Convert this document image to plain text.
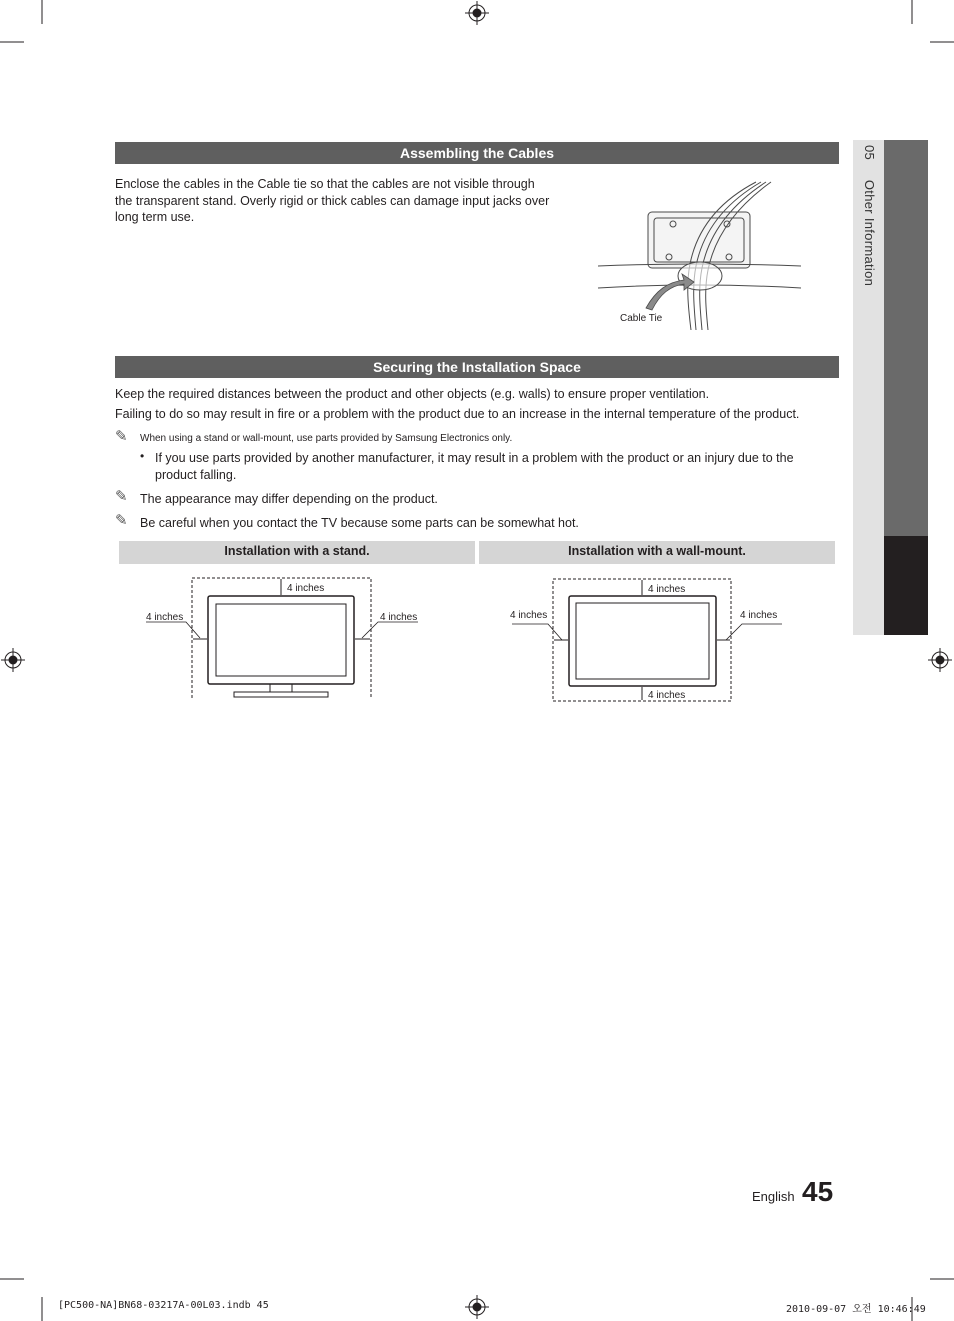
05  Other Information
Assembling the Cables
Enclose the cables in the Cable tie so that the cables are not visible through the transparent stand. Overly rigid or thick cables can damage input jacks over long term use.
Cable Tie
Securing the Installation Space
Keep the required distances between the product and other objects (e.g. walls) to ensure proper ventilation.
Failing to do so may result in fire or a problem with the product due to an increase in the internal temperature of the product.
✎ When using a stand or wall-mount, use parts provided by Samsung Electronics only.
• If you use parts provided by another manufacturer, it may result in a problem with the product or an injury due to the product falling.
✎ The appearance may differ depending on the product.
✎ Be careful when you contact the TV because some parts can be somewhat hot.
Installation with a stand.	Installation with a wall-mount.
4 inches
4 inches	4 inches
4 inches
4 inches
4 inches	4 inches
English 45
[PC500-NA]BN68-03217A-00L03.indb 45	2010-09-07 오전 10:46:49
